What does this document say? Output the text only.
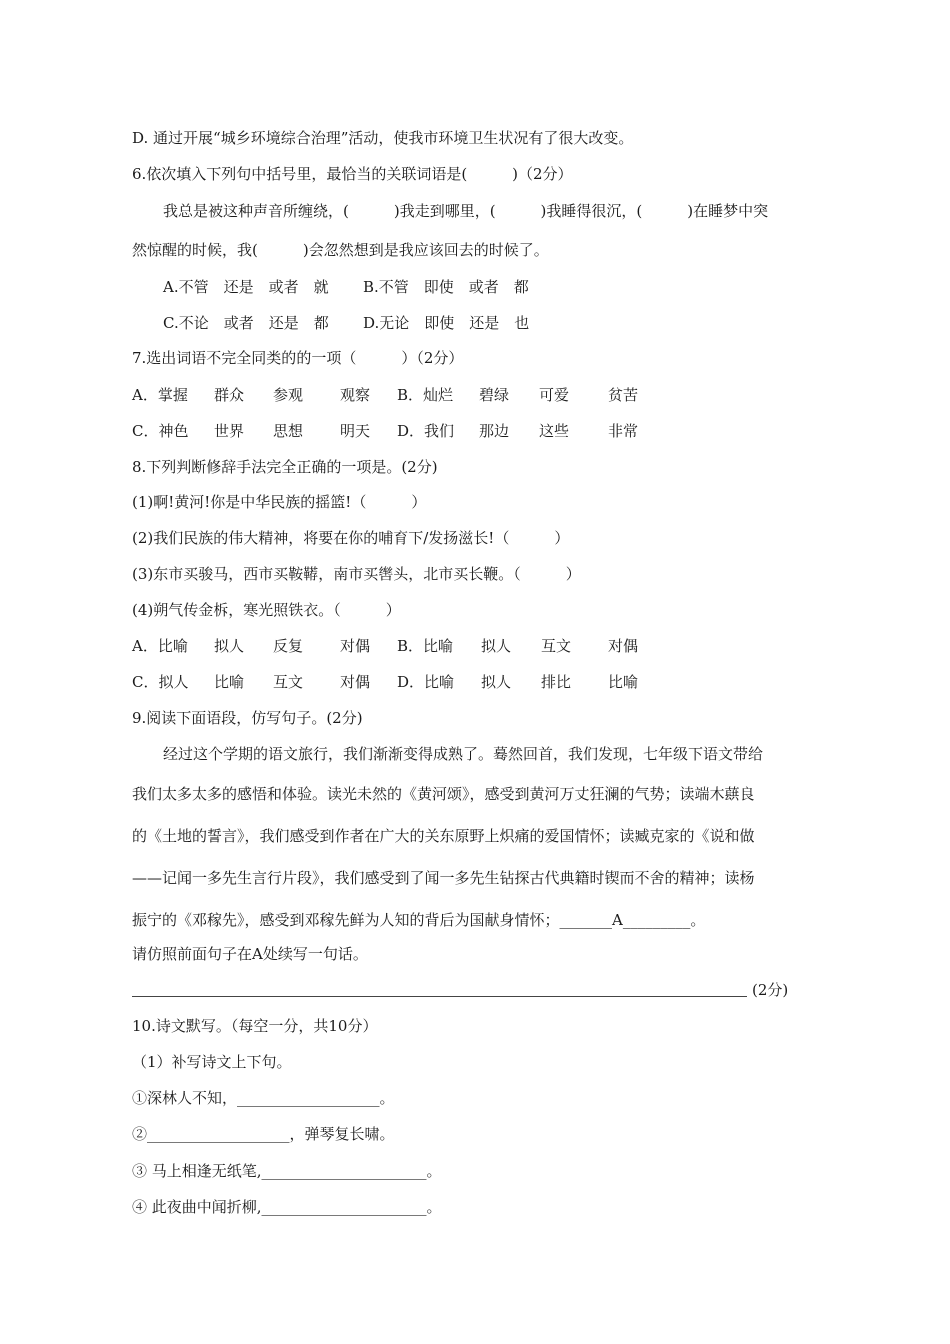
D. 通过开展“城乡环境综合治理”活动，使我市环境卫生状况有了很大改变。
6.依次填入下列句中括号里，最恰当的关联词语是(　　　)（2分）
我总是被这种声音所缠绕，(　　　)我走到哪里，(　　　)我睡得很沉，(　　　)在睡梦中突
然惊醒的时候，我(　　　)会忽然想到是我应该回去的时候了。

A.不管　还是　或者　就

B.不管　即使　或者　都

C.不论　或者　还是　都

D.无论　即使　还是　也

7.选出词语不完全同类的的一项（　　　）（2分）

A．掌握

群众

参观

观察

B．灿烂

碧绿

可爱

	贫苦

C．神色

世界

思想

明天

D．我们

那边

这些

	非常

8.下列判断修辞手法完全正确的一项是。(2分)
(1)啊!黄河!你是中华民族的摇篮!（　　　）
(2)我们民族的伟大精神，将要在你的哺育下/发扬滋长!（　　　）
(3)东市买骏马，西市买鞍鞯，南市买辔头，北市买长鞭。（　　　）
(4)朔气传金柝，寒光照铁衣。（　　　）

A．比喻

拟人

反复

对偶

B．比喻

拟人

互文

对偶

C．拟人

比喻

互文

对偶

D．比喻

拟人

排比

比喻

9.阅读下面语段，仿写句子。(2分)
经过这个学期的语文旅行，我们渐渐变得成熟了。蓦然回首，我们发现，七年级下语文带给
我们太多太多的感悟和体验。读光未然的《黄河颂》，感受到黄河万丈狂澜的气势；读端木蕻良
的《土地的誓言》，我们感受到作者在广大的关东原野上炽痛的爱国情怀；读臧克家的《说和做
——记闻一多先生言行片段》，我们感受到了闻一多先生钻探古代典籍时锲而不舍的精神；读杨
振宁的《邓稼先》，感受到邓稼先鲜为人知的背后为国献身情怀；_______A_________。
请仿照前面句子在A处续写一句话。
(2分)
10.诗文默写。（每空一分，共10分）
（1）补写诗文上下句。
①深林人不知，___________________。
②___________________，弹琴复长啸。
③ 马上相逢无纸笔,______________________。
④ 此夜曲中闻折柳,______________________。
